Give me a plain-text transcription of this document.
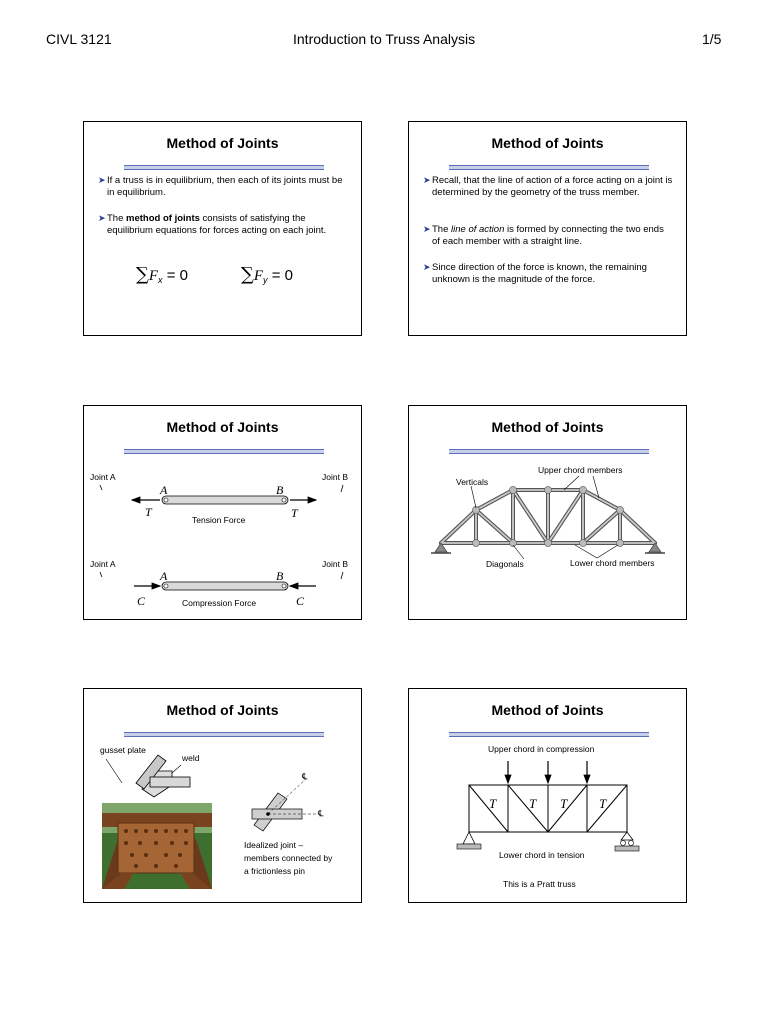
CIVL 3121	Introduction to Truss Analysis	1/5
Method of Joints
➤ If a truss is in equilibrium, then each of its joints must be in equilibrium.
➤ The method of joints consists of satisfying the equilibrium equations for forces acting on each joint.
$\sum F_x = 0$	$\sum F_y = 0$
Method of Joints
➤ Recall, that the line of action of a force acting on a joint is determined by the geometry of the truss member.
➤ The line of action is formed by connecting the two ends of each member with a straight line.
➤ Since direction of the force is known, the remaining unknown is the magnitude of the force.
Method of Joints
Joint A	Joint B
A	B
T	T
Tension Force
Joint A	Joint B
A	B
C	C
Compression Force
Method of Joints
Upper chord members
Verticals
Diagonals	Lower chord members
Method of Joints
gusset plate
weld
℄
℄
Idealized joint –
members connected by
a frictionless pin
Method of Joints
Upper chord in compression
T	T T T
Lower chord in tension
This is a Pratt truss
